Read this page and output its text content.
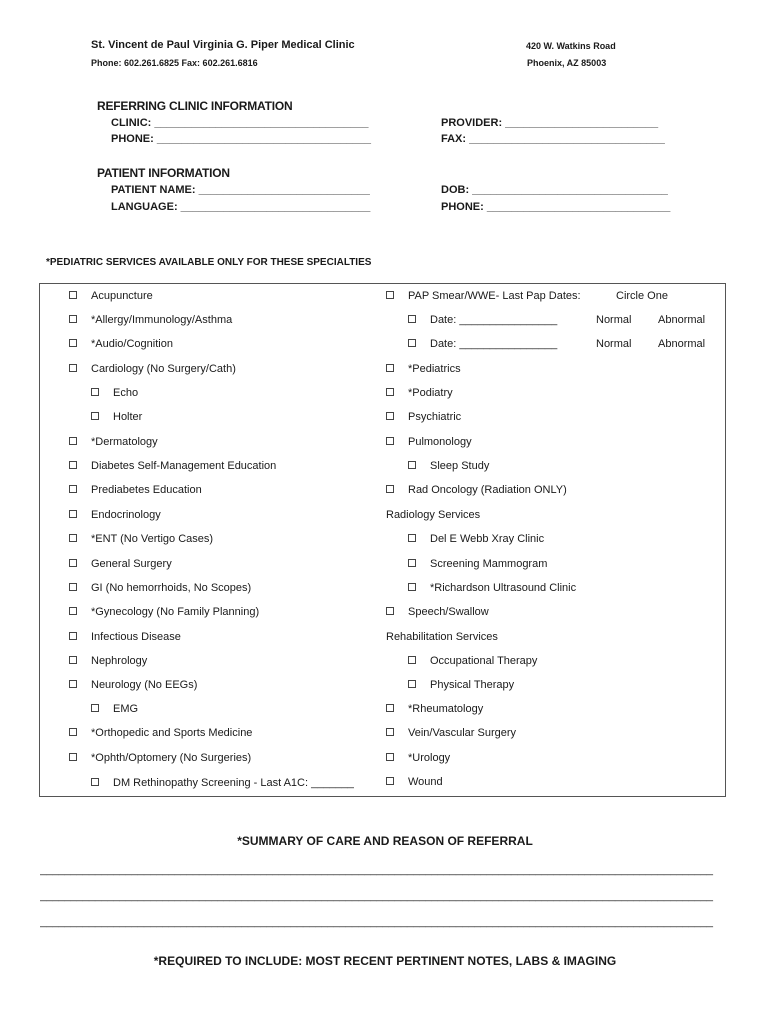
St. Vincent de Paul Virginia G. Piper Medical Clinic
Phone: 602.261.6825 Fax: 602.261.6816
420 W. Watkins Road
Phoenix, AZ 85003
REFERRING CLINIC INFORMATION
CLINIC: ___________________________________
PHONE: ___________________________________
PROVIDER: _________________________
FAX: ________________________________
PATIENT INFORMATION
PATIENT NAME: ____________________________
LANGUAGE: _______________________________
DOB: ________________________________
PHONE: ______________________________
*PEDIATRIC SERVICES AVAILABLE ONLY FOR THESE SPECIALTIES
Acupuncture
*Allergy/Immunology/Asthma
*Audio/Cognition
Cardiology (No Surgery/Cath)
Echo
Holter
*Dermatology
Diabetes Self-Management Education
Prediabetes Education
Endocrinology
*ENT (No Vertigo Cases)
General Surgery
GI (No hemorrhoids, No Scopes)
*Gynecology (No Family Planning)
Infectious Disease
Nephrology
Neurology (No EEGs)
EMG
*Orthopedic and Sports Medicine
*Ophth/Optomery (No Surgeries)
DM Rethinopathy Screening - Last A1C: _______
PAP Smear/WWE- Last Pap Dates:	Circle One
Date: ________________	Normal Abnormal
Date: ________________	Normal Abnormal
*Pediatrics
*Podiatry
Psychiatric
Pulmonology
Sleep Study
Rad Oncology (Radiation ONLY)
Radiology Services
Del E Webb Xray Clinic
Screening Mammogram
*Richardson Ultrasound Clinic
Speech/Swallow
Rehabilitation Services
Occupational Therapy
Physical Therapy
*Rheumatology
Vein/Vascular Surgery
*Urology
Wound
*SUMMARY OF CARE AND REASON OF REFERRAL
______________________________________________________________________________________________________________
______________________________________________________________________________________________________________
______________________________________________________________________________________________________________
*REQUIRED TO INCLUDE: MOST RECENT PERTINENT NOTES, LABS & IMAGING
